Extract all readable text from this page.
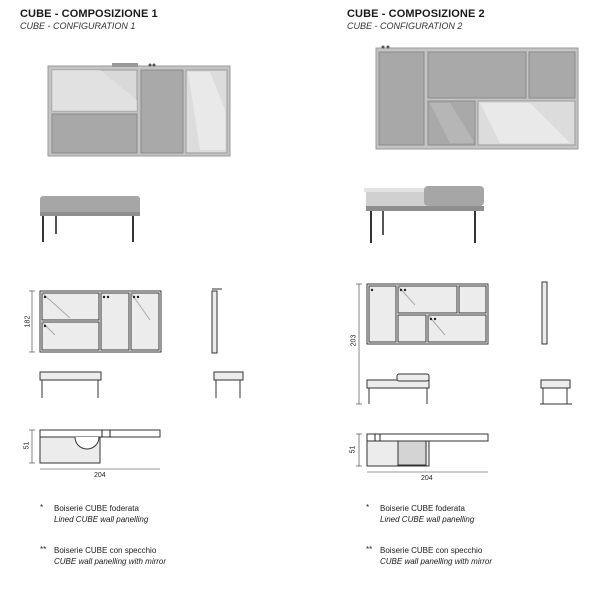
CUBE - COMPOSIZIONE 1
CUBE - CONFIGURATION 1
182
51
204
* Boiserie CUBE foderata
Lined CUBE wall panelling
** Boiserie CUBE con specchio
CUBE wall panelling with mirror
CUBE - COMPOSIZIONE 2
CUBE - CONFIGURATION 2
203
51
204
* Boiserie CUBE foderata
Lined CUBE wall panelling
** Boiserie CUBE con specchio
CUBE wall panelling with mirror
